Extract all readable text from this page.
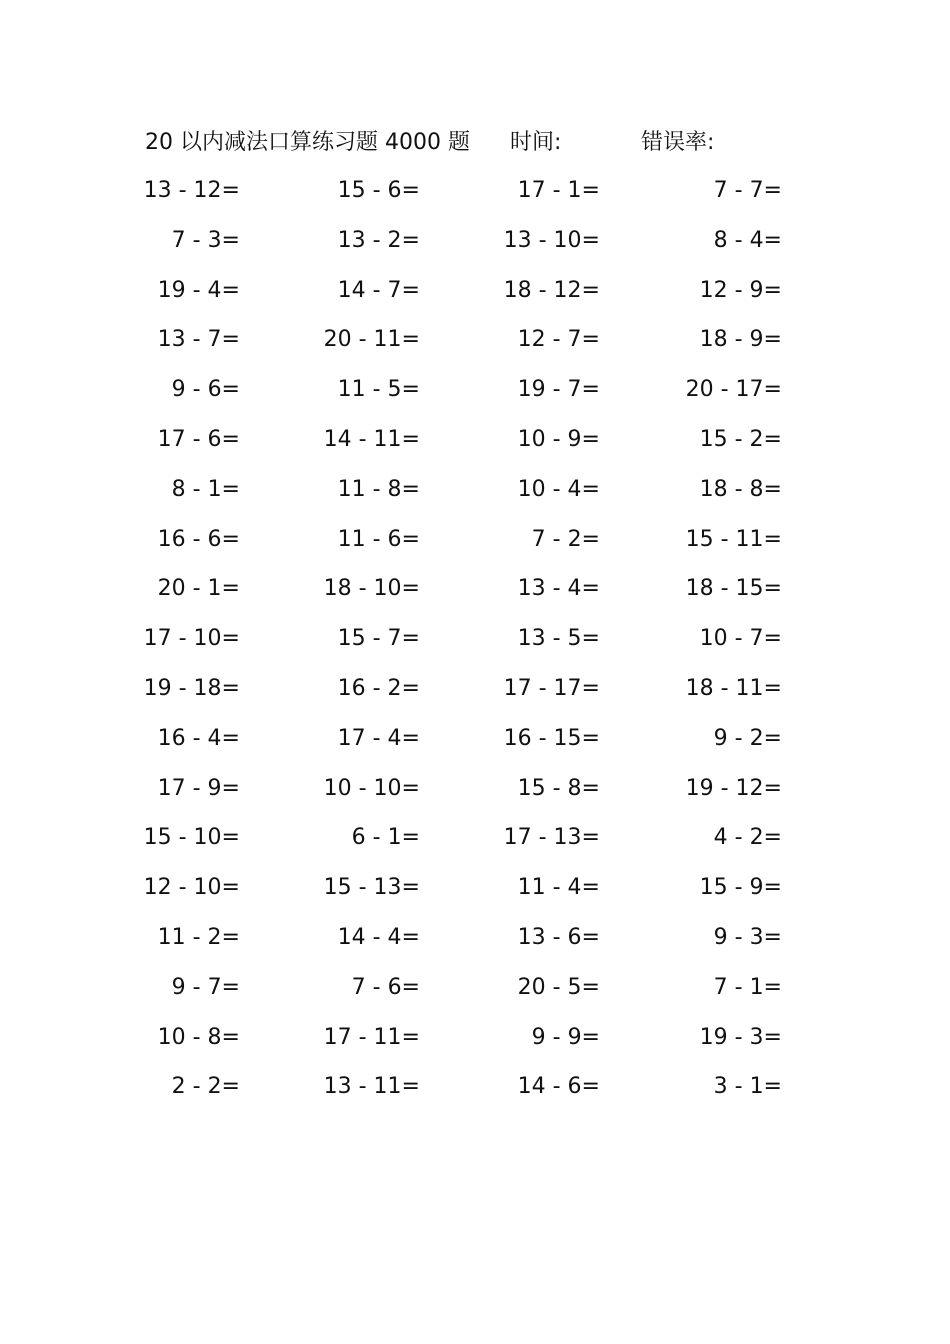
20 以内减法口算练习题 4000 题 时间:	错误率:
13 - 12=	15 - 6=	17 - 1=	7 - 7=
7 - 3=	13 - 2=	13 - 10=	8 - 4=
19 - 4=	14 - 7=	18 - 12=	12 - 9=
13 - 7=	20 - 11=	12 - 7=	18 - 9=
9 - 6=	11 - 5=	19 - 7=	20 - 17=
17 - 6=	14 - 11=	10 - 9=	15 - 2=
8 - 1=	11 - 8=	10 - 4=	18 - 8=
16 - 6=	11 - 6=	7 - 2=	15 - 11=
20 - 1=	18 - 10=	13 - 4=	18 - 15=
17 - 10=	15 - 7=	13 - 5=	10 - 7=
19 - 18=	16 - 2=	17 - 17=	18 - 11=
16 - 4=	17 - 4=	16 - 15=	9 - 2=
17 - 9=	10 - 10=	15 - 8=	19 - 12=
15 - 10=	6 - 1=	17 - 13=	4 - 2=
12 - 10=	15 - 13=	11 - 4=	15 - 9=
11 - 2=	14 - 4=	13 - 6=	9 - 3=
9 - 7=	7 - 6=	20 - 5=	7 - 1=
10 - 8=	17 - 11=	9 - 9=	19 - 3=
2 - 2=	13 - 11=	14 - 6=	3 - 1=
